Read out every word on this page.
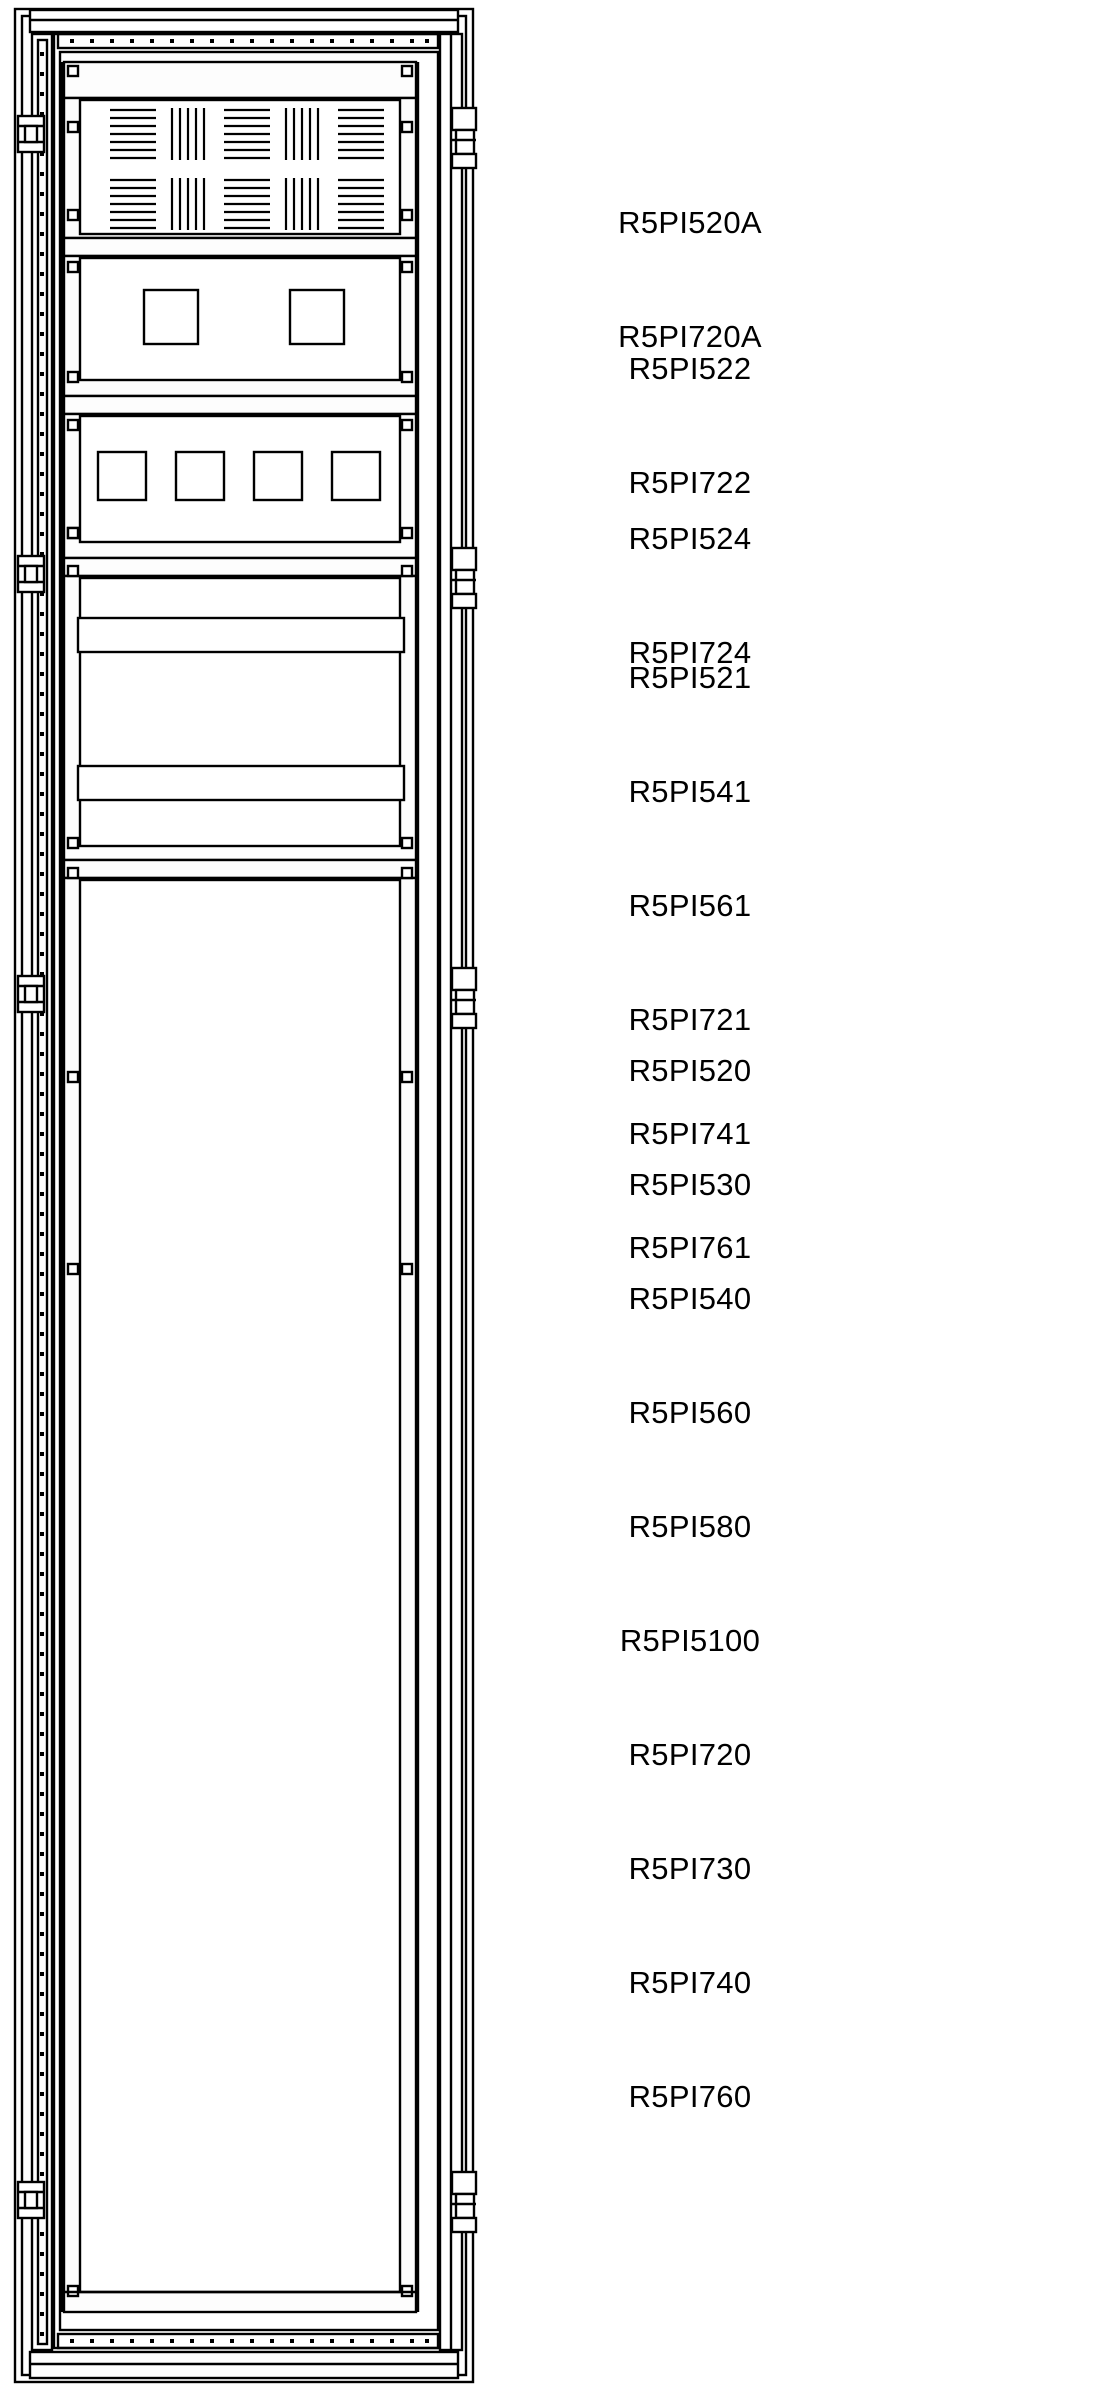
R5PI520A

R5PI720A

R5PI522

R5PI722

R5PI524

R5PI724

R5PI521

R5PI541

R5PI561

R5PI721

R5PI741

R5PI761

R5PI520

R5PI530

R5PI540

R5PI560

R5PI580

R5PI5100

R5PI720

R5PI730

R5PI740

R5PI760
